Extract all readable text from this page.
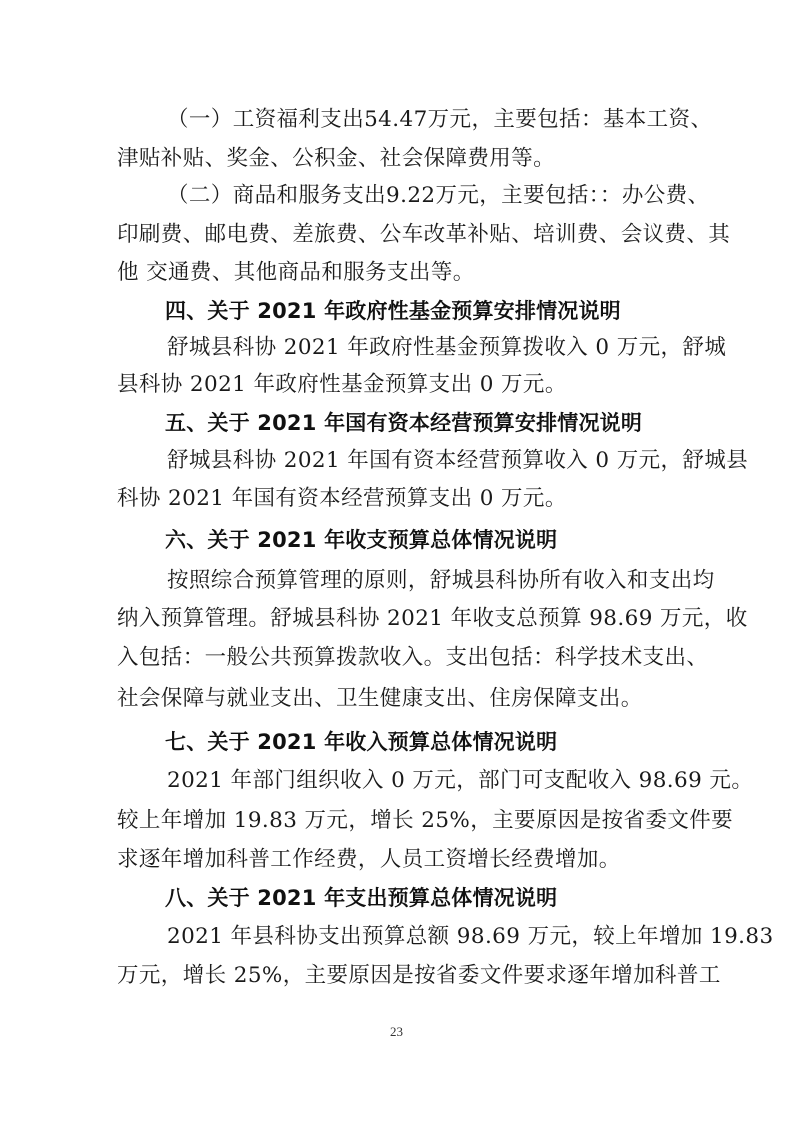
（一）工资福利支出54.47万元，主要包括：基本工资、

津贴补贴、奖金、公积金、社会保障费用等。

（二）商品和服务支出9.22万元，主要包括：：办公费、

印刷费、邮电费、差旅费、公车改革补贴、培训费、会议费、其

他 交通费、其他商品和服务支出等。

四、关于 2021 年政府性基金预算安排情况说明

舒城县科协 2021 年政府性基金预算拨收入 0 万元，舒城

县科协 2021 年政府性基金预算支出 0 万元。

五、关于 2021 年国有资本经营预算安排情况说明

舒城县科协 2021 年国有资本经营预算收入 0 万元，舒城县

科协 2021 年国有资本经营预算支出 0 万元。

六、关于 2021 年收支预算总体情况说明

按照综合预算管理的原则，舒城县科协所有收入和支出均

纳入预算管理。舒城县科协 2021 年收支总预算 98.69 万元，收

入包括：一般公共预算拨款收入。支出包括：科学技术支出、

社会保障与就业支出、卫生健康支出、住房保障支出。

七、关于 2021 年收入预算总体情况说明

2021 年部门组织收入 0 万元，部门可支配收入 98.69 元。

较上年增加 19.83 万元，增长 25%，主要原因是按省委文件要

求逐年增加科普工作经费，人员工资增长经费增加。

八、关于 2021 年支出预算总体情况说明

2021 年县科协支出预算总额 98.69 万元，较上年增加 19.83

万元，增长 25%，主要原因是按省委文件要求逐年增加科普工

23
